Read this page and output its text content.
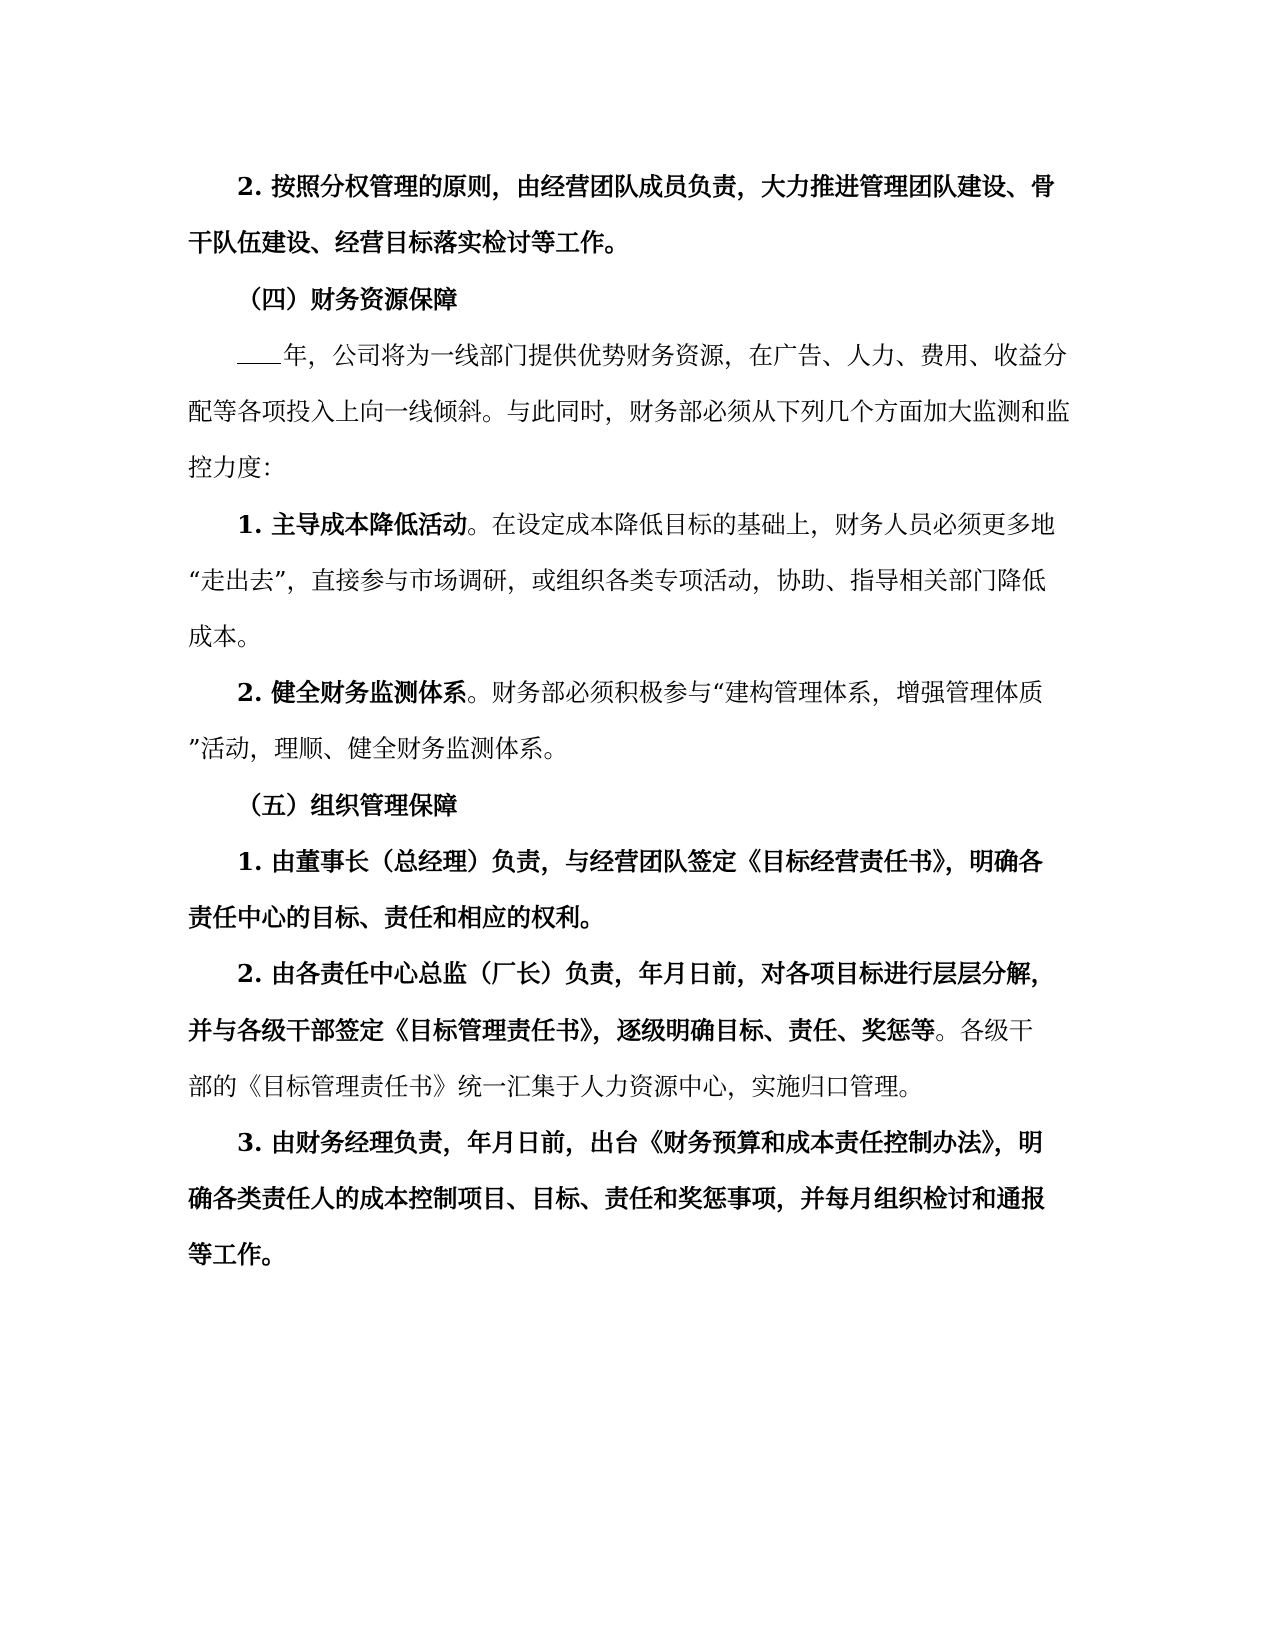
2. 按照分权管理的原则，由经营团队成员负责，大力推进管理团队建设、骨
干队伍建设、经营目标落实检讨等工作。
（四）财务资源保障
年，公司将为一线部门提供优势财务资源，在广告、人力、费用、收益分
配等各项投入上向一线倾斜。与此同时，财务部必须从下列几个方面加大监测和监
控力度：
1. 主导成本降低活动。在设定成本降低目标的基础上，财务人员必须更多地
“走出去”，直接参与市场调研，或组织各类专项活动，协助、指导相关部门降低
成本。
2. 健全财务监测体系。财务部必须积极参与“建构管理体系，增强管理体质
”活动，理顺、健全财务监测体系。
（五）组织管理保障
1. 由董事长（总经理）负责，与经营团队签定《目标经营责任书》，明确各
责任中心的目标、责任和相应的权利。
2. 由各责任中心总监（厂长）负责，年月日前，对各项目标进行层层分解，
并与各级干部签定《目标管理责任书》，逐级明确目标、责任、奖惩等。各级干
部的《目标管理责任书》统一汇集于人力资源中心，实施归口管理。
3. 由财务经理负责，年月日前，出台《财务预算和成本责任控制办法》，明
确各类责任人的成本控制项目、目标、责任和奖惩事项，并每月组织检讨和通报
等工作。
